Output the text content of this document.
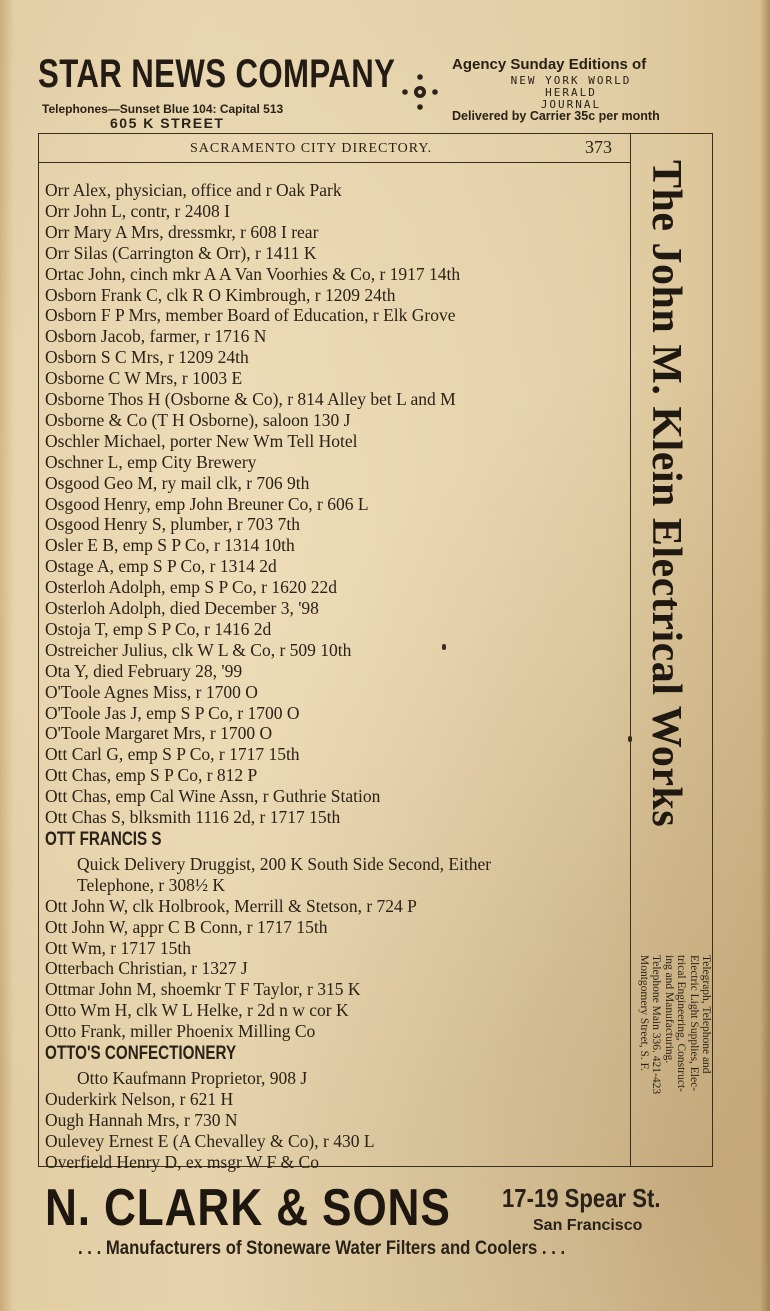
STAR NEWS COMPANY
Telephones—Sunset Blue 104: Capital 513
605 K STREET
Agency Sunday Editions of
NEW YORK WORLD
HERALD
JOURNAL
Delivered by Carrier 35c per month
SACRAMENTO CITY DIRECTORY.	373
Orr Alex, physician, office and r Oak Park
Orr John L, contr, r 2408 I
Orr Mary A Mrs, dressmkr, r 608 I rear
Orr Silas (Carrington & Orr), r 1411 K
Ortac John, cinch mkr A A Van Voorhies & Co, r 1917 14th
Osborn Frank C, clk R O Kimbrough, r 1209 24th
Osborn F P Mrs, member Board of Education, r Elk Grove
Osborn Jacob, farmer, r 1716 N
Osborn S C Mrs, r 1209 24th
Osborne C W Mrs, r 1003 E
Osborne Thos H (Osborne & Co), r 814 Alley bet L and M
Osborne & Co (T H Osborne), saloon 130 J
Oschler Michael, porter New Wm Tell Hotel
Oschner L, emp City Brewery
Osgood Geo M, ry mail clk, r 706 9th
Osgood Henry, emp John Breuner Co, r 606 L
Osgood Henry S, plumber, r 703 7th
Osler E B, emp S P Co, r 1314 10th
Ostage A, emp S P Co, r 1314 2d
Osterloh Adolph, emp S P Co, r 1620 22d
Osterloh Adolph, died December 3, '98
Ostoja T, emp S P Co, r 1416 2d
Ostreicher Julius, clk W L & Co, r 509 10th
Ota Y, died February 28, '99
O'Toole Agnes Miss, r 1700 O
O'Toole Jas J, emp S P Co, r 1700 O
O'Toole Margaret Mrs, r 1700 O
Ott Carl G, emp S P Co, r 1717 15th
Ott Chas, emp S P Co, r 812 P
Ott Chas, emp Cal Wine Assn, r Guthrie Station
Ott Chas S, blksmith 1116 2d, r 1717 15th
OTT FRANCIS S
Quick Delivery Druggist, 200 K South Side Second, Either
Telephone, r 308½ K
Ott John W, clk Holbrook, Merrill & Stetson, r 724 P
Ott John W, appr C B Conn, r 1717 15th
Ott Wm, r 1717 15th
Otterbach Christian, r 1327 J
Ottmar John M, shoemkr T F Taylor, r 315 K
Otto Wm H, clk W L Helke, r 2d n w cor K
Otto Frank, miller Phoenix Milling Co
OTTO'S CONFECTIONERY
Otto Kaufmann Proprietor, 908 J
Ouderkirk Nelson, r 621 H
Ough Hannah Mrs, r 730 N
Oulevey Ernest E (A Chevalley & Co), r 430 L
Overfield Henry D, ex msgr W F & Co
The John M. Klein Electrical Works
Telegraph, Telephone and
Electric Light Supplies, Elec-
trical Engineering, Construct-
ing and Manufacturing.
Telephone Main 336. 421-423
Montgomery Street, S. F.
N. CLARK & SONS 17-19 Spear St.
San Francisco
. . . Manufacturers of Stoneware Water Filters and Coolers . . .
